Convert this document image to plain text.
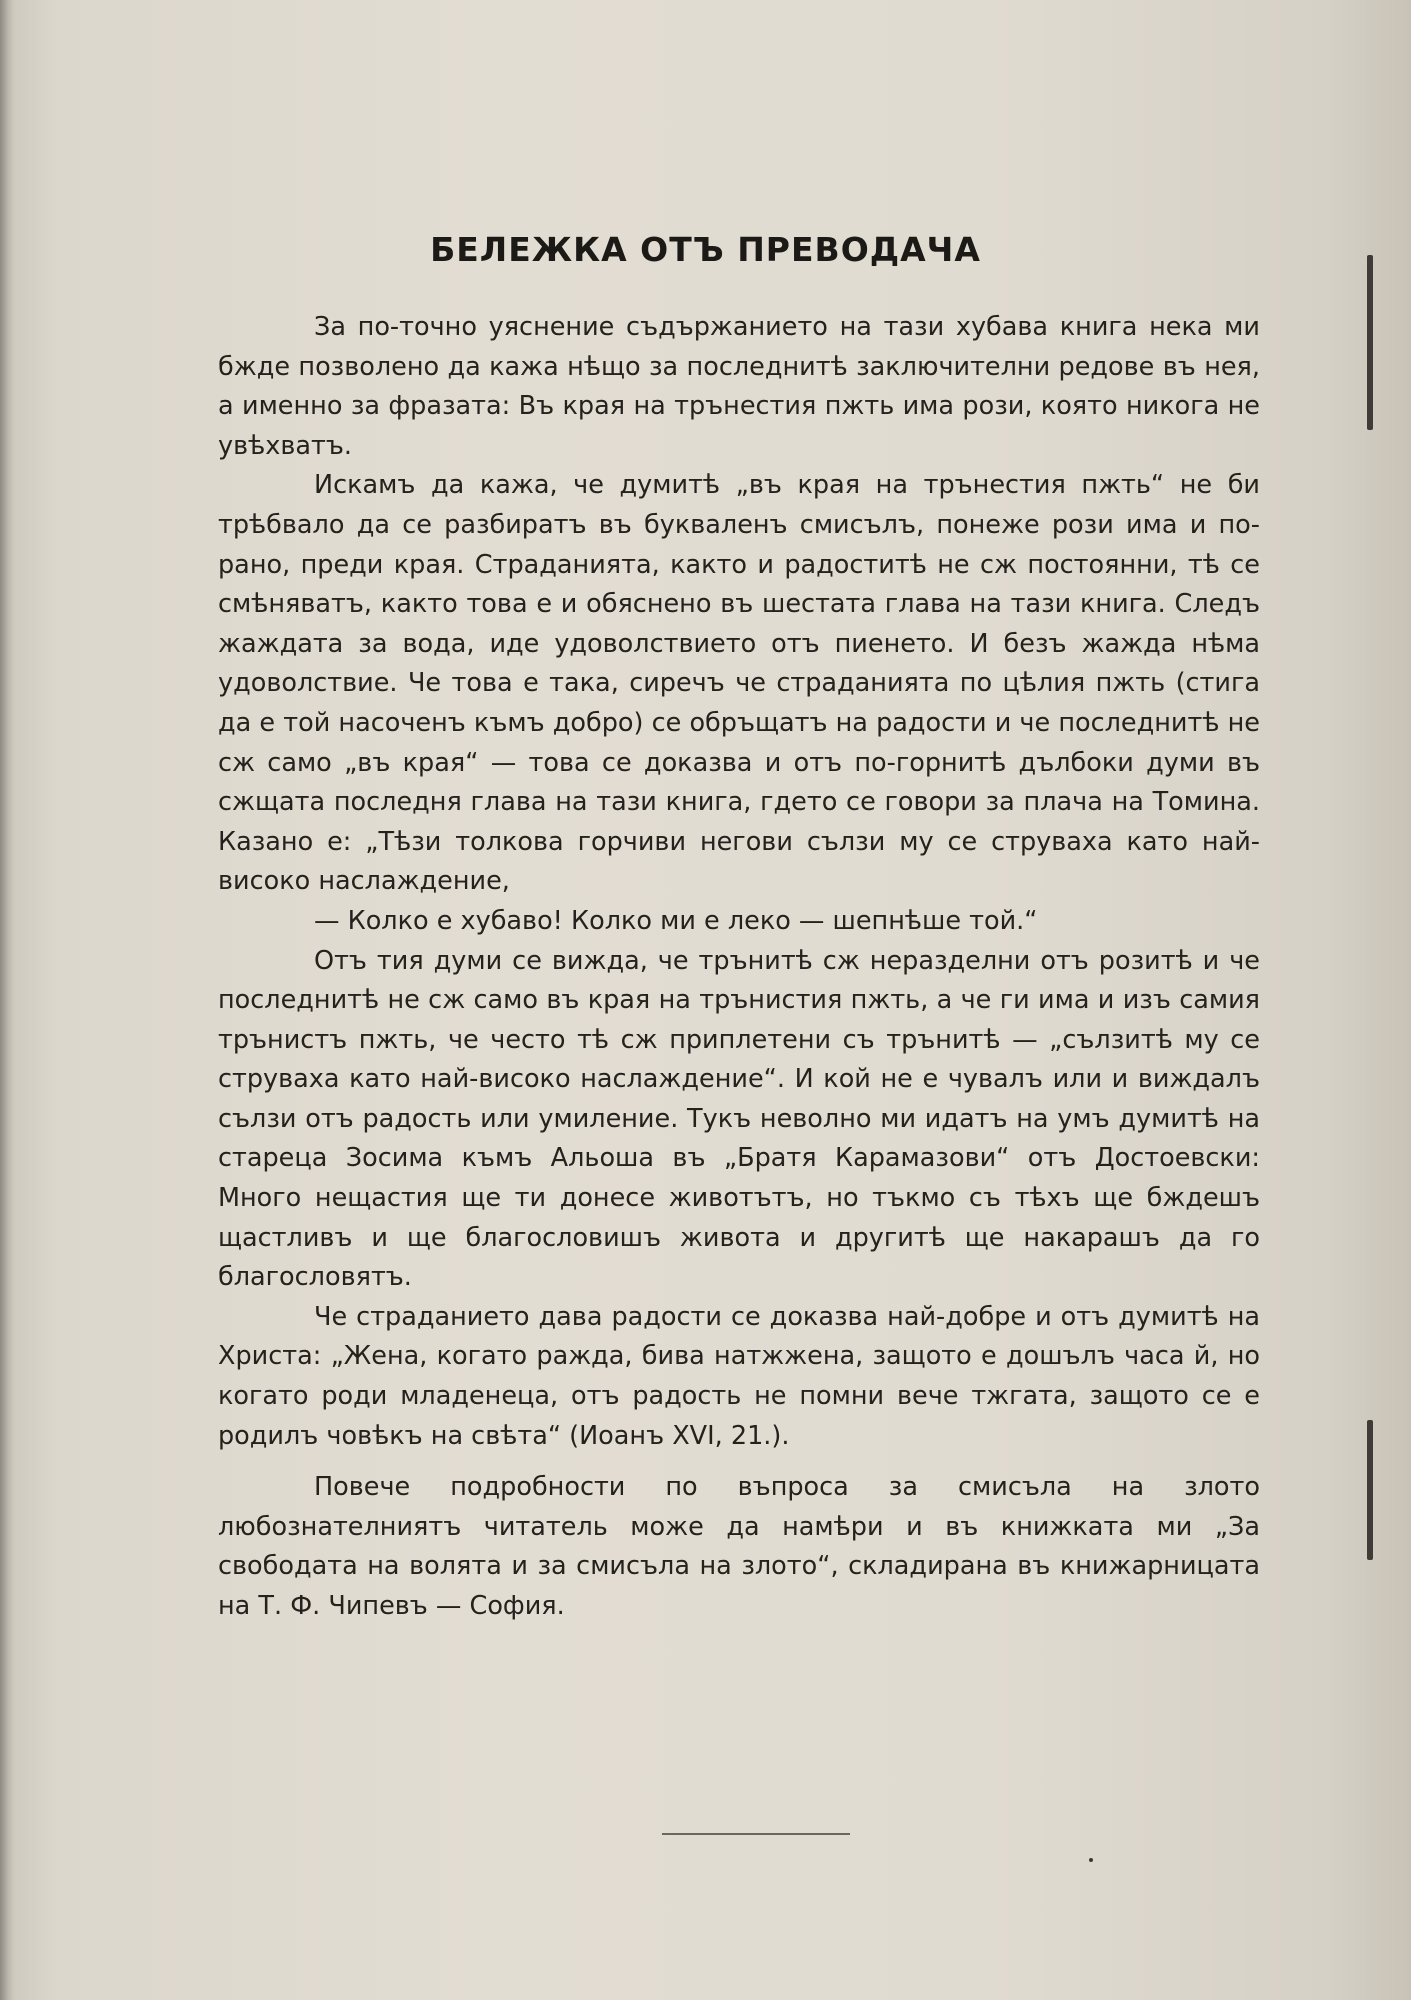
БЕЛЕЖКА ОТЪ ПРЕВОДАЧА

За по-точно уяснение съдържанието на тази хубава книга нека ми бжде позволено да кажа нѣщо за последнитѣ заключителни редове въ нея, а именно за фразата: Въ края на трънестия пжть има рози, която никога не увѣхватъ.

Искамъ да кажа, че думитѣ „въ края на трънестия пжть“ не би трѣбвало да се разбиратъ въ буквалeнъ смисълъ, понеже рози има и по-рано, преди края. Страданията, както и радоститѣ не сж постоянни, тѣ се смѣняватъ, както това е и обяснено въ шестата глава на тази книга. Следъ жаждата за вода, иде удоволствието отъ пиенето. И безъ жажда нѣма удоволствие. Че това е така, сиречъ че страданията по цѣлия пжть (стига да е той насоченъ къмъ добро) се обръщатъ на радости и че последнитѣ не сж само „въ края“ — това се доказва и отъ по-горнитѣ дълбоки думи въ сжщата последня глава на тази книга, гдето се говори за плача на Томина. Казано е: „Тѣзи толкова горчиви негови сълзи му се струваха като най-високо наслаждение,

— Колко е хубаво! Колко ми е леко — шепнѣше той.“

Отъ тия думи се вижда, че трънитѣ сж неразделни отъ розитѣ и че последнитѣ не сж само въ края на трънистия пжть, а че ги има и изъ самия трънистъ пжть, че често тѣ сж приплетени съ трънитѣ — „сълзитѣ му се струваха като най-високо наслаждение“. И кой не е чувалъ или и виждалъ сълзи отъ радость или умиление. Тукъ неволно ми идатъ на умъ думитѣ на стареца Зосима къмъ Альоша въ „Братя Карамазови“ отъ Достоевски: Много нещастия ще ти донесе животътъ, но тъкмо съ тѣхъ ще бждешъ щастливъ и ще благословишъ живота и другитѣ ще накарашъ да го благословятъ.

Че страданието дава радости се доказва най-добре и отъ думитѣ на Христа: „Жена, когато ражда, бива натжжена, защото е дошълъ часа й, но когато роди младенеца, отъ радость не помни вече тжгата, защото се е родилъ човѣкъ на свѣта“ (Иоанъ XVI, 21.).

Повече подробности по въпроса за смисъла на злото любознателниятъ читатель може да намѣри и въ книжката ми „За свободата на волята и за смисъла на злото“, складирана въ книжарницата на Т. Ф. Чипевъ — София.
